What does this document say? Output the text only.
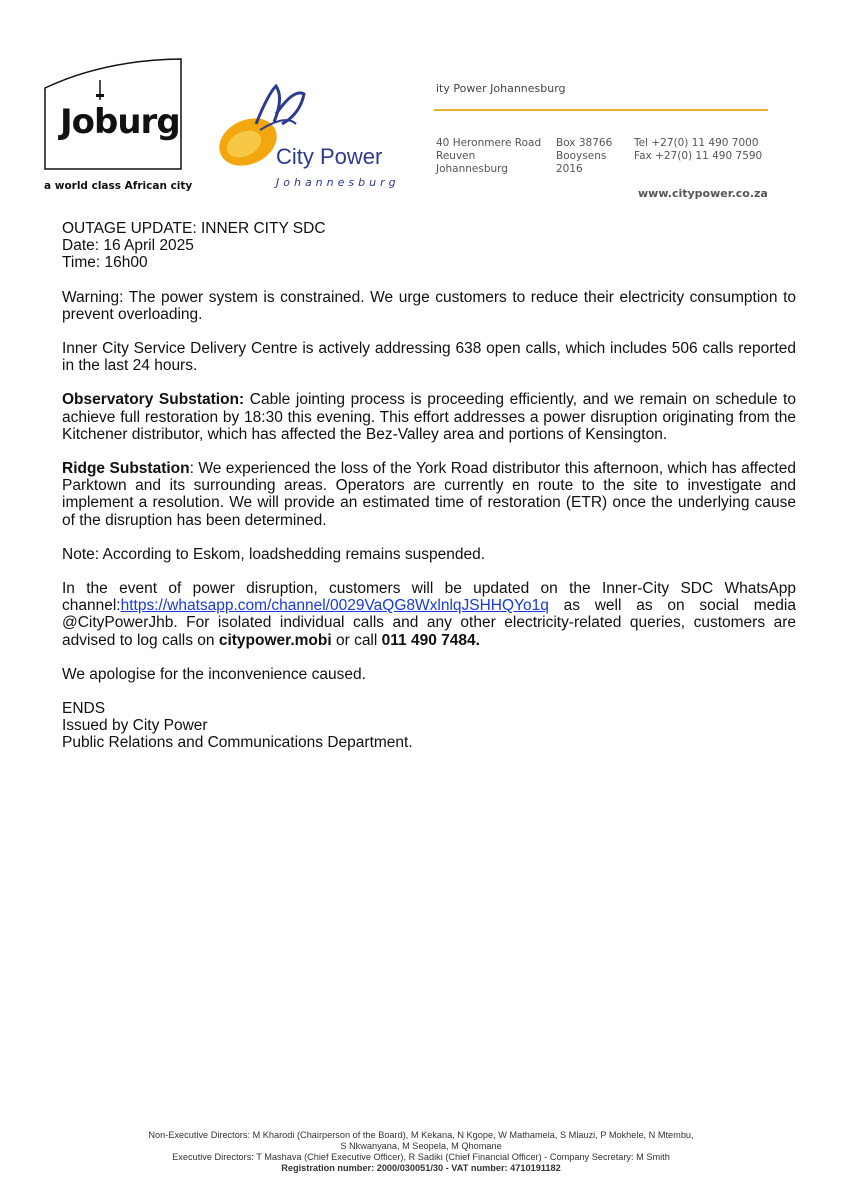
Joburg
a world class African city
City Power
Johannesburg
ity Power Johannesburg
40 Heronmere Road
Reuven
Johannesburg
Box 38766
Booysens
2016
Tel +27(0) 11 490 7000
Fax +27(0) 11 490 7590
www.citypower.co.za

OUTAGE UPDATE: INNER CITY SDC
Date: 16 April 2025
Time: 16h00

Warning: The power system is constrained. We urge customers to reduce their electricity consumption to prevent overloading.

Inner City Service Delivery Centre is actively addressing 638 open calls, which includes 506 calls reported in the last 24 hours.

Observatory Substation: Cable jointing process is proceeding efficiently, and we remain on schedule to achieve full restoration by 18:30 this evening. This effort addresses a power disruption originating from the Kitchener distributor, which has affected the Bez-Valley area and portions of Kensington.

Ridge Substation: We experienced the loss of the York Road distributor this afternoon, which has affected Parktown and its surrounding areas. Operators are currently en route to the site to investigate and implement a resolution. We will provide an estimated time of restoration (ETR) once the underlying cause of the disruption has been determined.

Note: According to Eskom, loadshedding remains suspended.

In the event of power disruption, customers will be updated on the Inner-City SDC WhatsApp channel:https://whatsapp.com/channel/0029VaQG8WxlnlqJSHHQYo1q as well as on social media @CityPowerJhb. For isolated individual calls and any other electricity-related queries, customers are advised to log calls on citypower.mobi or call 011 490 7484.

We apologise for the inconvenience caused.

ENDS
Issued by City Power
Public Relations and Communications Department.

Non-Executive Directors: M Kharodi (Chairperson of the Board), M Kekana, N Kgope, W Mathamela, S Mlauzi, P Mokhele, N Mtembu,
S Nkwanyana, M Seopela, M Qhomane
Executive Directors: T Mashava (Chief Executive Officer), R Sadiki (Chief Financial Officer) - Company Secretary: M Smith
Registration number: 2000/030051/30 - VAT number: 4710191182
